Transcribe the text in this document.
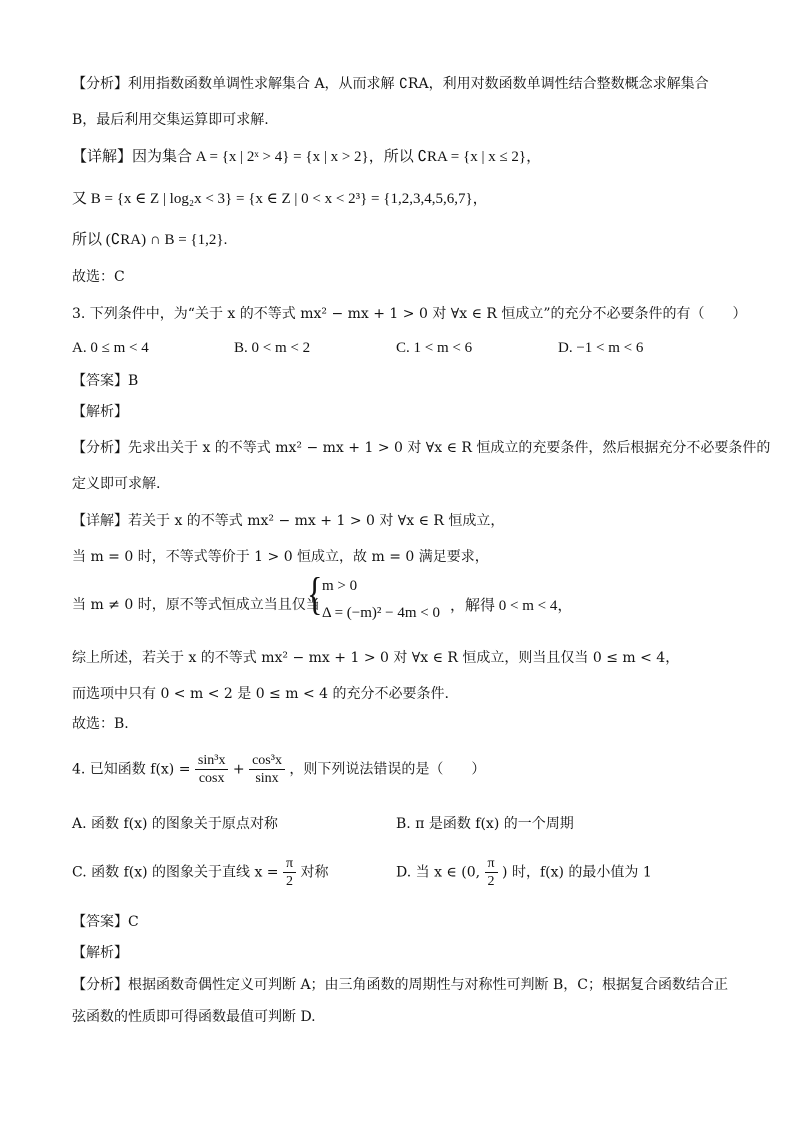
【分析】利用指数函数单调性求解集合 A，从而求解 ∁RA，利用对数函数单调性结合整数概念求解集合
B，最后利用交集运算即可求解.
【详解】因为集合 A = {x | 2ˣ > 4} = {x | x > 2}，所以 ∁RA = {x | x ≤ 2}，
又 B = {x ∈ Z | log₂x < 3} = {x ∈ Z | 0 < x < 2³} = {1,2,3,4,5,6,7}，
所以 (∁RA) ∩ B = {1,2}.
故选：C
3. 下列条件中，为“关于 x 的不等式 mx² − mx + 1 > 0 对 ∀x ∈ R 恒成立”的充分不必要条件的有（　　）
A. 0 ≤ m < 4	B. 0 < m < 2	C. 1 < m < 6	D. −1 < m < 6
【答案】B
【解析】
【分析】先求出关于 x 的不等式 mx² − mx + 1 > 0 对 ∀x ∈ R 恒成立的充要条件，然后根据充分不必要条件的
定义即可求解.
【详解】若关于 x 的不等式 mx² − mx + 1 > 0 对 ∀x ∈ R 恒成立，
当 m = 0 时，不等式等价于 1 > 0 恒成立，故 m = 0 满足要求，
当 m ≠ 0 时，原不等式恒成立当且仅当
{ m > 0
Δ = (−m)² − 4m < 0 ，解得 0 < m < 4，
综上所述，若关于 x 的不等式 mx² − mx + 1 > 0 对 ∀x ∈ R 恒成立，则当且仅当 0 ≤ m < 4，
而选项中只有 0 < m < 2 是 0 ≤ m < 4 的充分不必要条件.
故选：B.
4. 已知函数 $f(x) = \frac{\text{sin³x}}{\cos x} + \frac{\text{cos³x}}{\sin x}$ ，则下列说法错误的是（　　）
A. 函数 f(x) 的图象关于原点对称	B. π 是函数 f(x) 的一个周期
C. 函数 f(x) 的图象关于直线 $x = \frac{\pi}{2}$ 对称	D. 当 x ∈ (0, $\frac{\pi}{2}$ ) 时，f(x) 的最小值为 1
【答案】C
【解析】
【分析】根据函数奇偶性定义可判断 A；由三角函数的周期性与对称性可判断 B，C；根据复合函数结合正
弦函数的性质即可得函数最值可判断 D.
